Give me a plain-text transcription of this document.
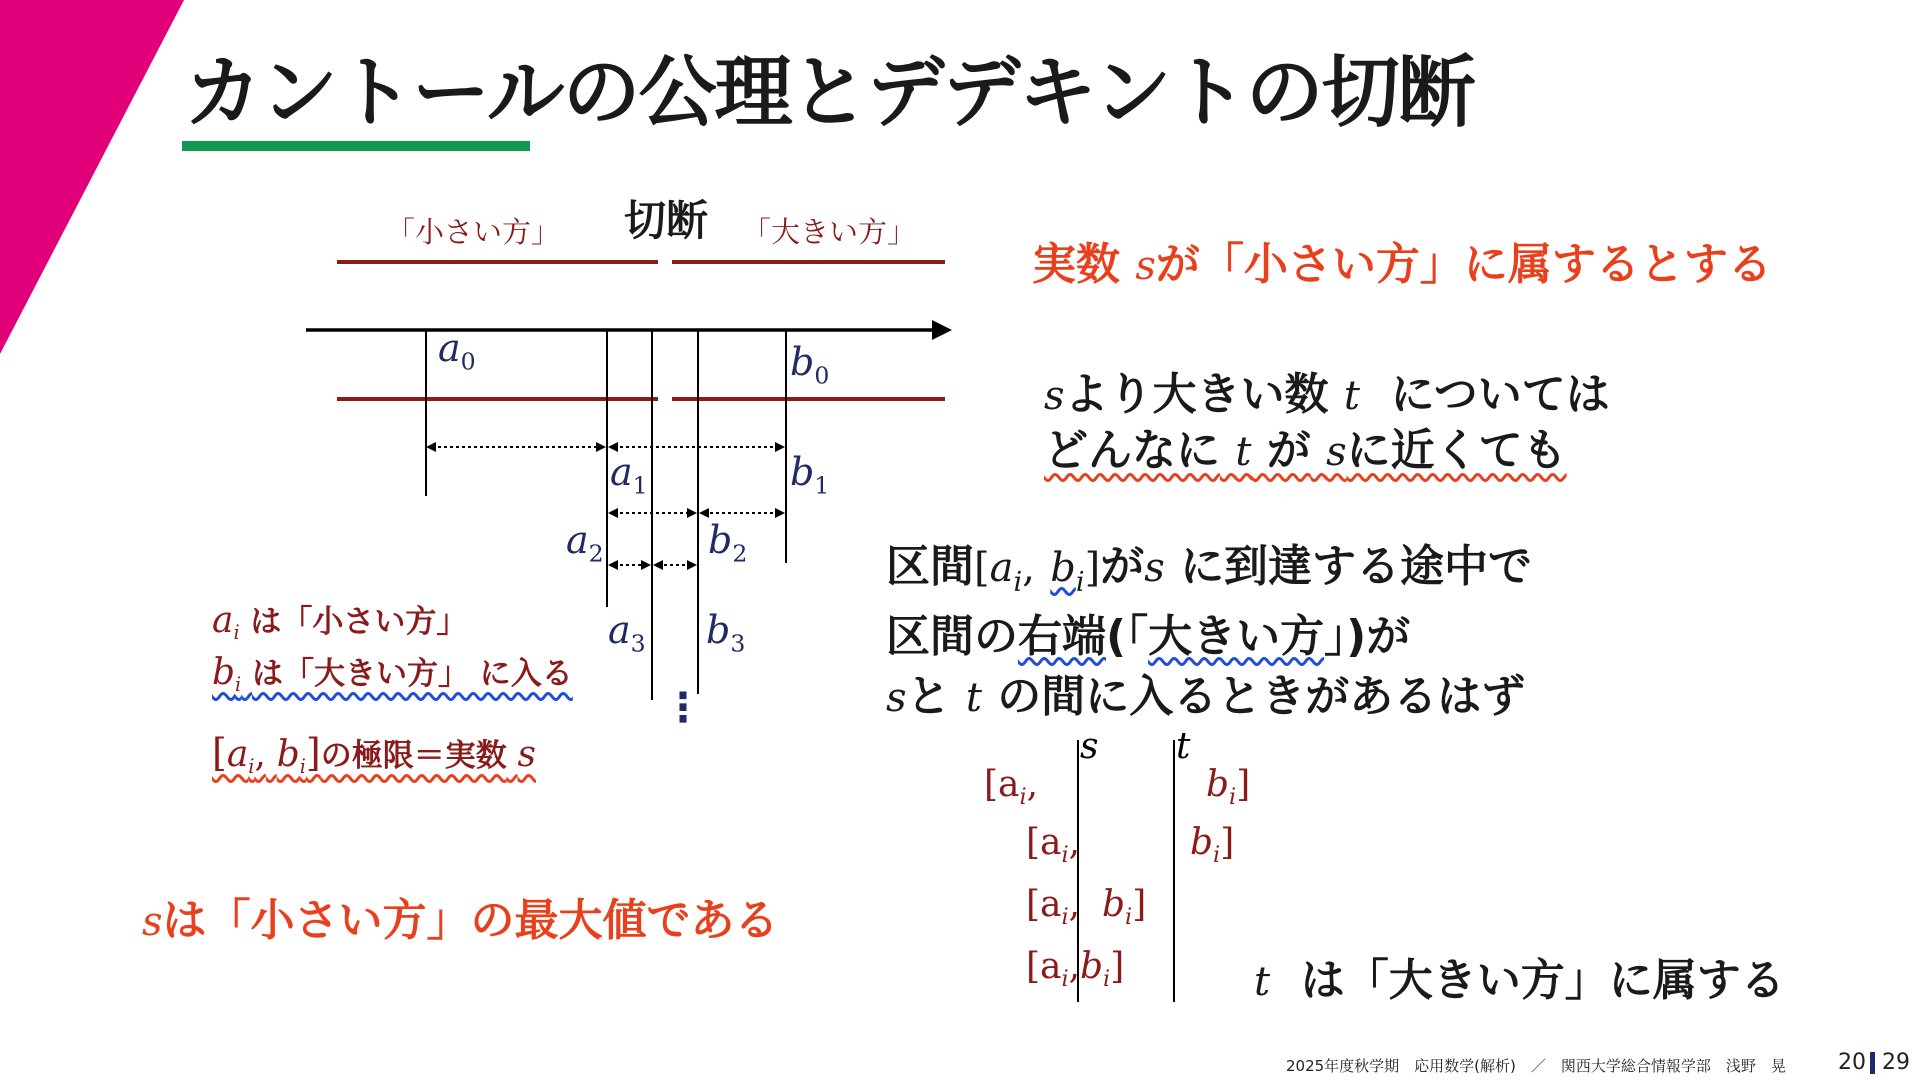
カントールの公理とデデキントの切断
「小さい方」 切断 「大きい方」
$a_0$	$b_0$
$a_1$	$b_1$
$a_2$	$b_2$
$a_3$ $b_3$
⋮
$a_i$ は「小さい方」
$b_i$ は「大きい方」 に入る
[$a_i$, $b_i$]の極限＝実数 s
sは「小さい方」の最大値である
実数 sが「小さい方」に属するとする
sより大きい数 t については
どんなに t が sに近くても
区間[$a_i$, $b_i$]がs に到達する途中で
区間の右端(「大きい方」)が
sと t の間に入るときがあるはず
s t
[$a_i$,	$b_i$]
[$a_i$,	$b_i$]
[$a_i$, $b_i$]
[$a_i$, $b_i$]	t は「大きい方」に属する
2025年度秋学期　応用数学(解析)　／　関西大学総合情報学部　浅野　晃 20 29
